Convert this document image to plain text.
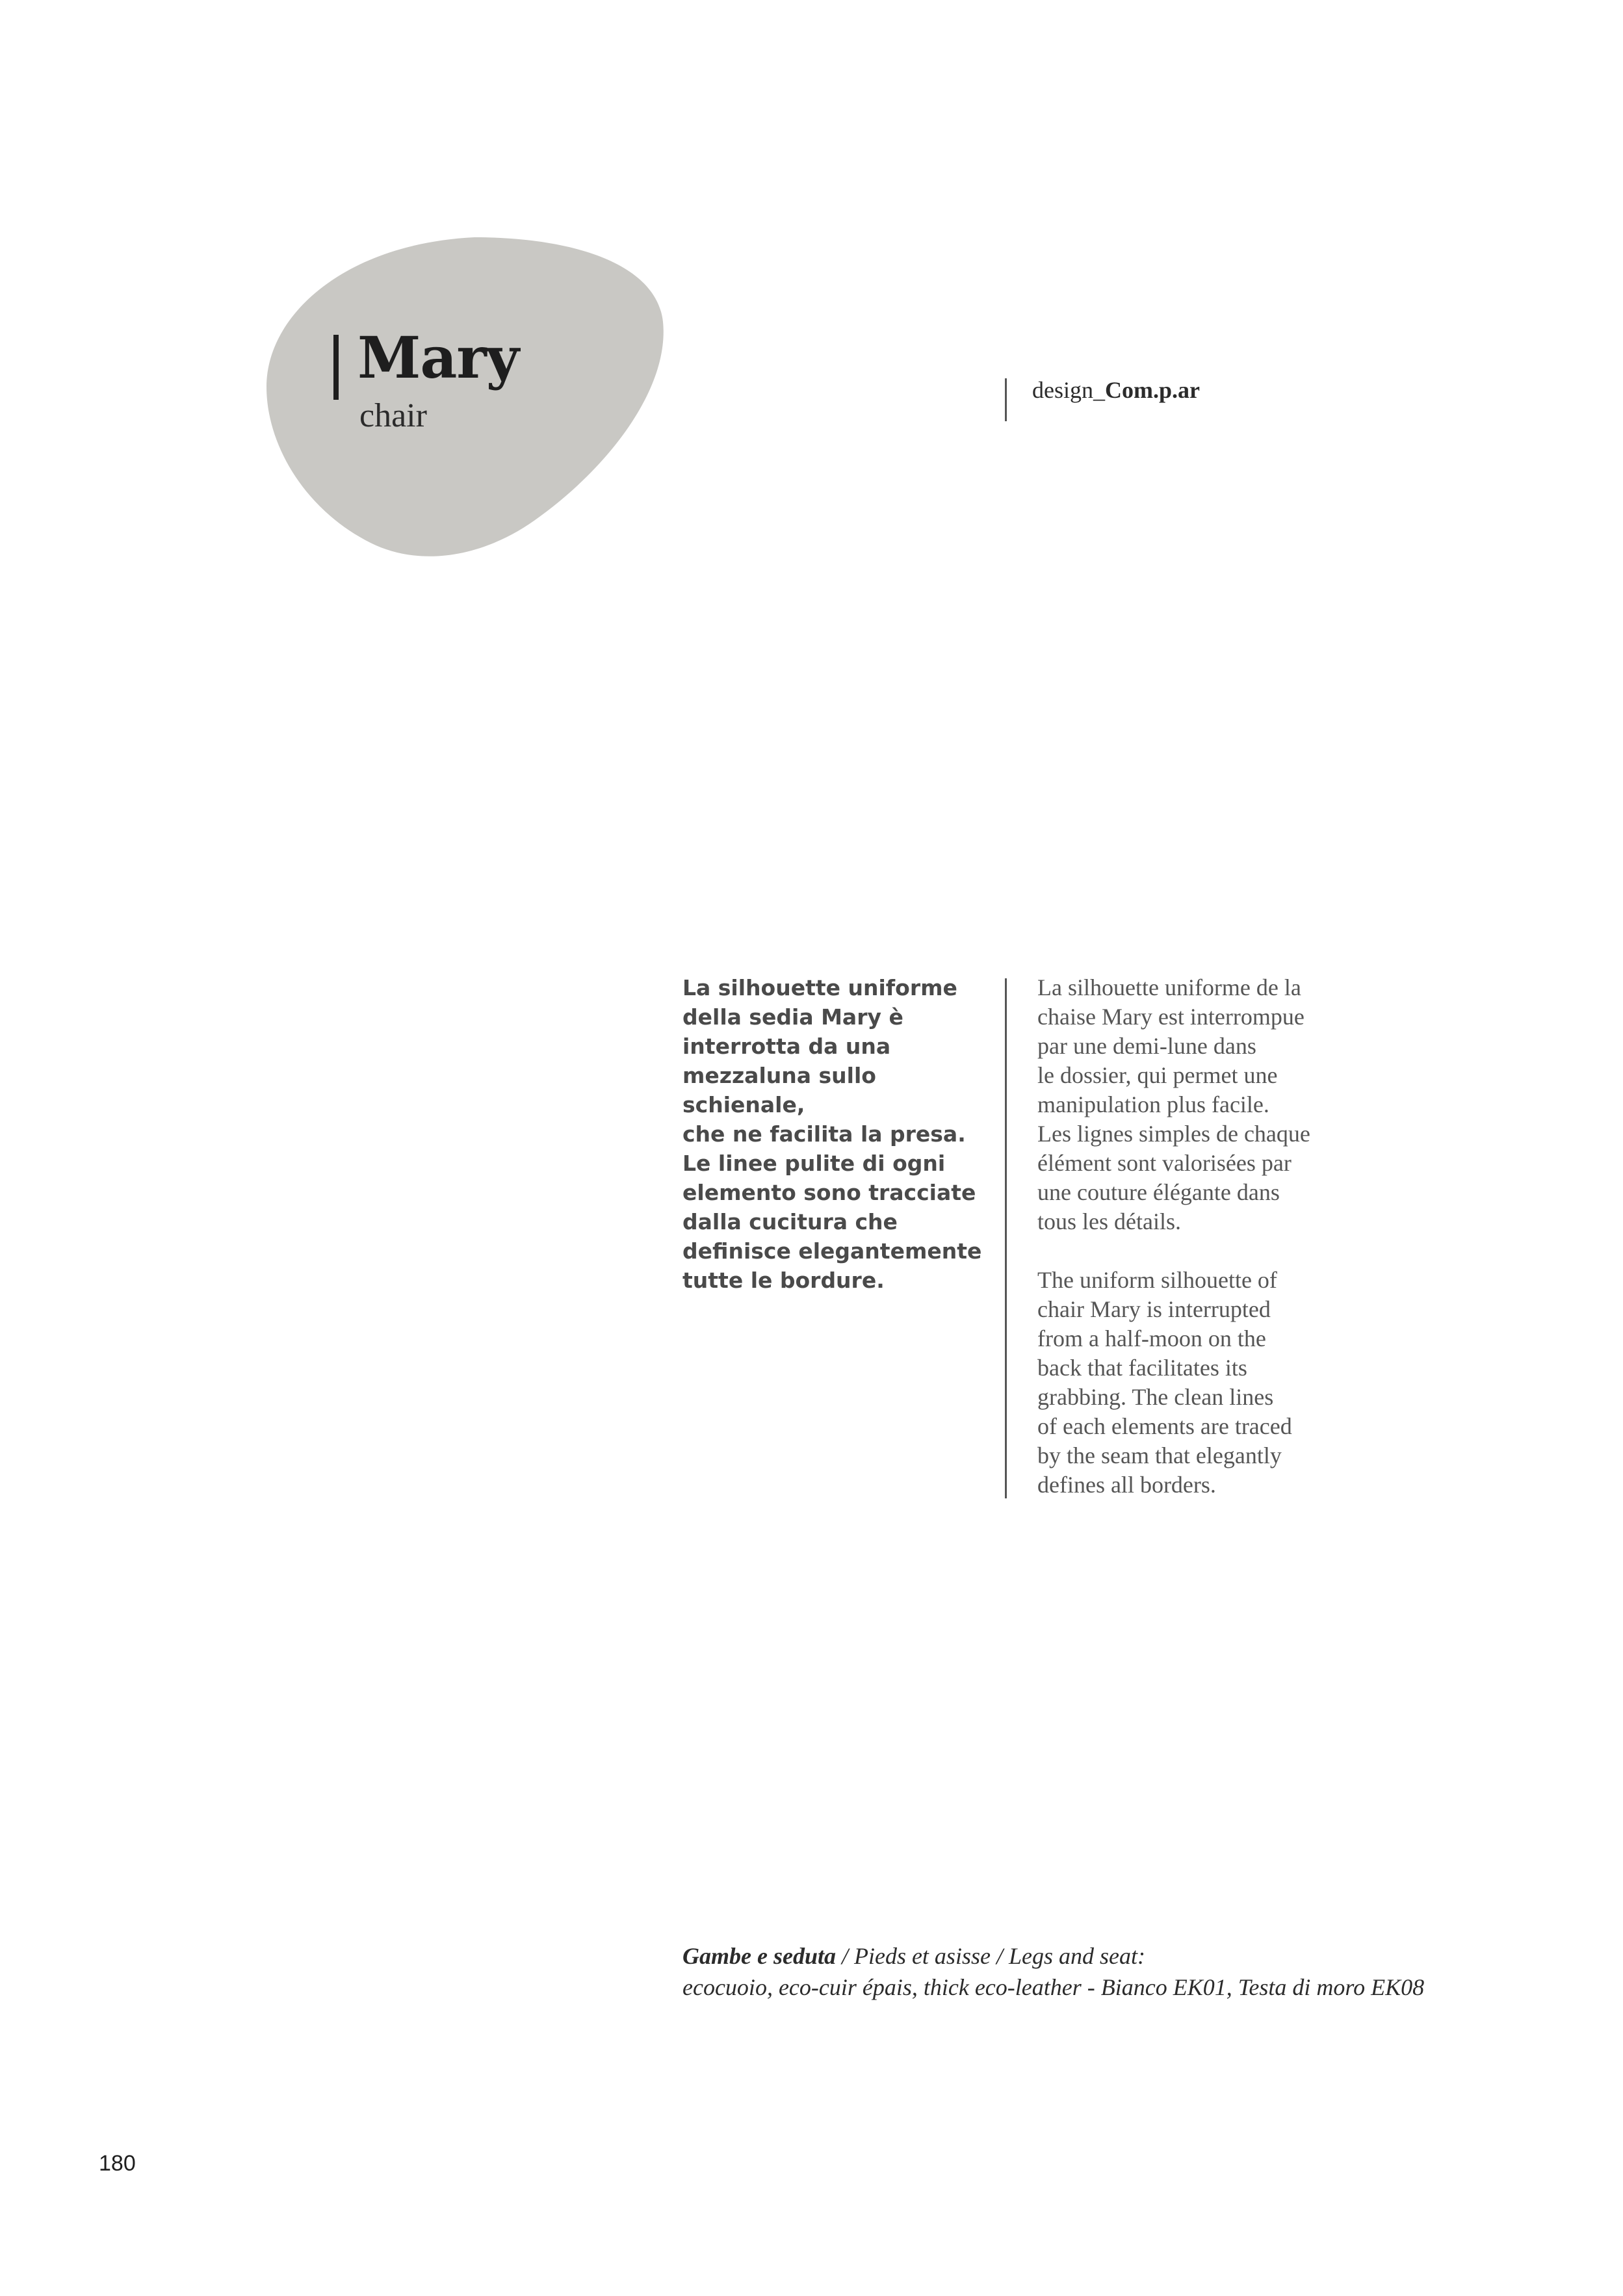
Mary
chair
design_Com.p.ar
La silhouette uniforme
della sedia Mary è
interrotta da una
mezzaluna sullo schienale,
che ne facilita la presa.
Le linee pulite di ogni
elemento sono tracciate
dalla cucitura che
definisce elegantemente
tutte le bordure.
La silhouette uniforme de la
chaise Mary est interrompue
par une demi-lune dans
le dossier, qui permet une
manipulation plus facile.
Les lignes simples de chaque
élément sont valorisées par
une couture élégante dans
tous les détails.
The uniform silhouette of
chair Mary is interrupted
from a half-moon on the
back that facilitates its
grabbing. The clean lines
of each elements are traced
by the seam that elegantly
defines all borders.
Gambe e seduta / Pieds et asisse / Legs and seat:
ecocuoio, eco-cuir épais, thick eco-leather - Bianco EK01, Testa di moro EK08
180
